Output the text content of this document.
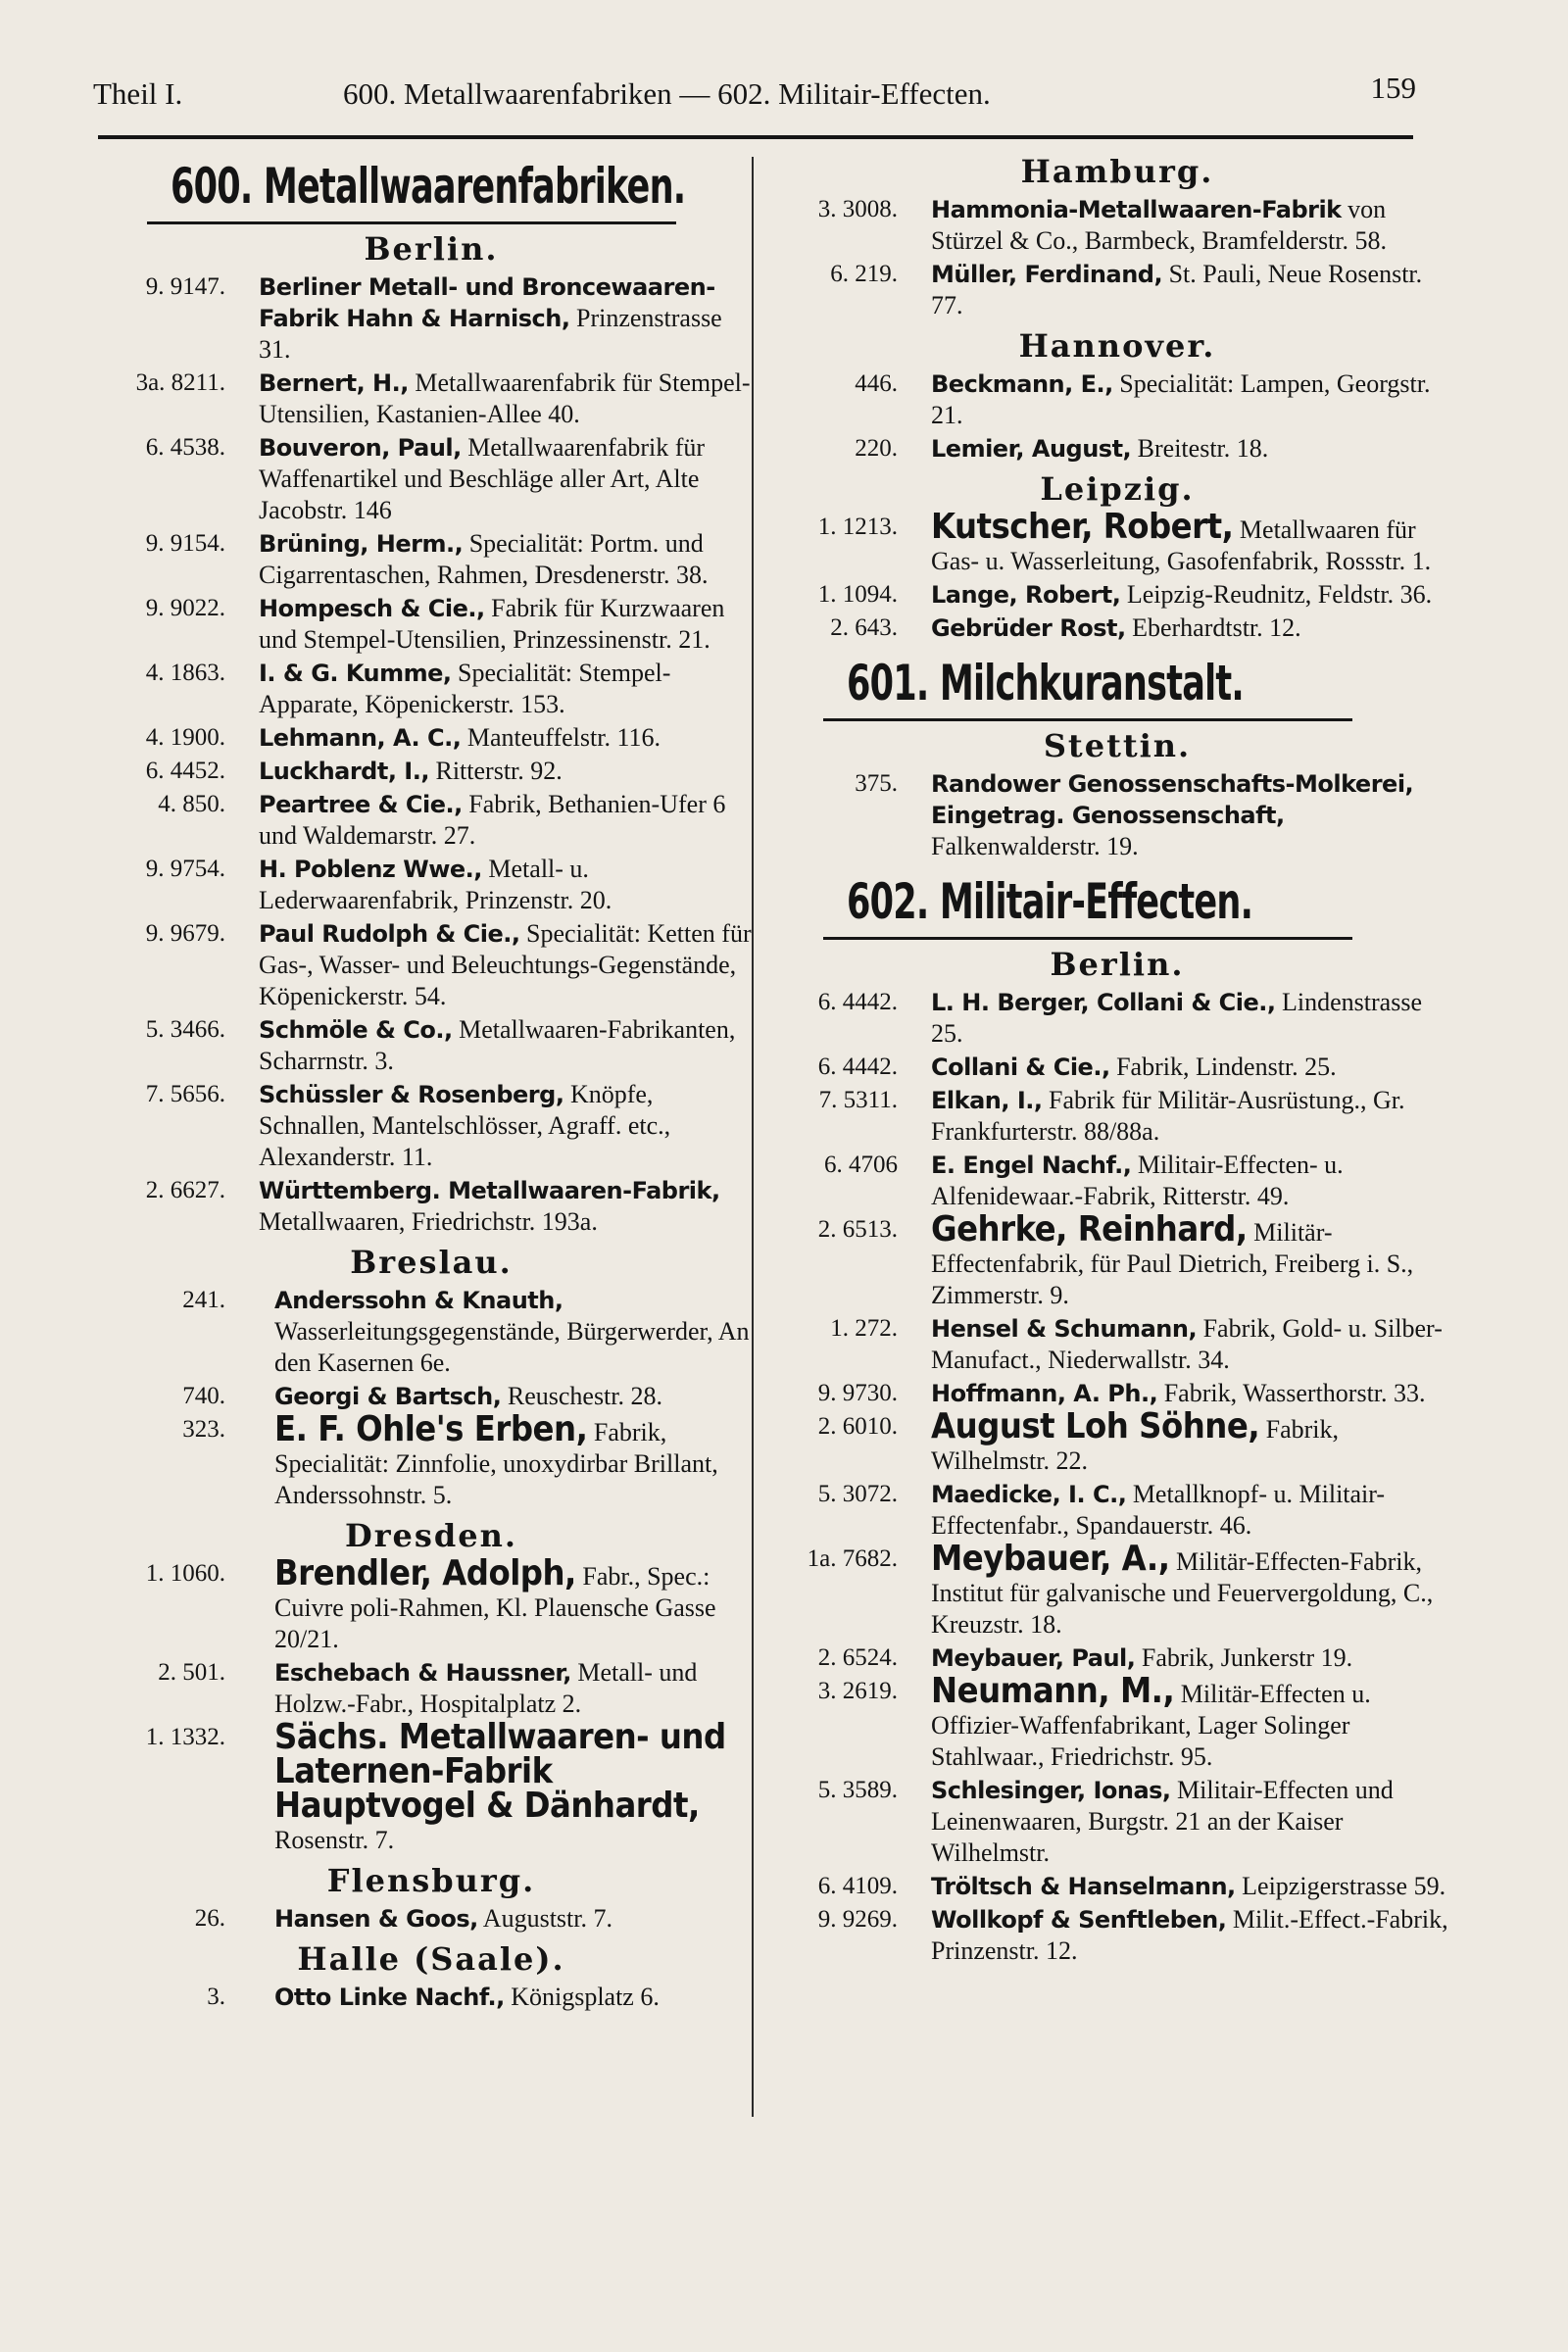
Theil I.	600. Metallwaarenfabriken — 602. Militair-Effecten.	159
600. Metallwaarenfabriken.
Berlin.
9. 9147. Berliner Metall- und Broncewaaren-Fabrik Hahn & Harnisch, Prinzenstrasse 31.
3a. 8211. Bernert, H., Metallwaarenfabrik für Stempel-Utensilien, Kastanien-Allee 40.
6. 4538. Bouveron, Paul, Metallwaarenfabrik für Waffenartikel und Beschläge aller Art, Alte Jacobstr. 146
9. 9154. Brüning, Herm., Specialität: Portm. und Cigarrentaschen, Rahmen, Dresdenerstr. 38.
9. 9022. Hompesch & Cie., Fabrik für Kurzwaaren und Stempel-Utensilien, Prinzessinenstr. 21.
4. 1863. I. & G. Kumme, Specialität: Stempel-Apparate, Köpenickerstr. 153.
4. 1900. Lehmann, A. C., Manteuffelstr. 116.
6. 4452. Luckhardt, I., Ritterstr. 92.
4. 850. Peartree & Cie., Fabrik, Bethanien-Ufer 6 und Waldemarstr. 27.
9. 9754. H. Poblenz Wwe., Metall- u. Lederwaarenfabrik, Prinzenstr. 20.
9. 9679. Paul Rudolph & Cie., Specialität: Ketten für Gas-, Wasser- und Beleuchtungs-Gegenstände, Köpenickerstr. 54.
5. 3466. Schmöle & Co., Metallwaaren-Fabrikanten, Scharrnstr. 3.
7. 5656. Schüssler & Rosenberg, Knöpfe, Schnallen, Mantelschlösser, Agraff. etc., Alexanderstr. 11.
2. 6627. Württemberg. Metallwaaren-Fabrik, Metallwaaren, Friedrichstr. 193a.
Breslau.
241. Anderssohn & Knauth, Wasserleitungsgegenstände, Bürgerwerder, An den Kasernen 6e.
740. Georgi & Bartsch, Reuschestr. 28.
323. E. F. Ohle's Erben, Fabrik, Specialität: Zinnfolie, unoxydirbar Brillant, Anderssohnstr. 5.
Dresden.
1. 1060. Brendler, Adolph, Fabr., Spec.: Cuivre poli-Rahmen, Kl. Plauensche Gasse 20/21.
2. 501. Eschebach & Haussner, Metall- und Holzw.-Fabr., Hospitalplatz 2.
1. 1332. Sächs. Metallwaaren- und Laternen-Fabrik Hauptvogel & Dänhardt, Rosenstr. 7.
Flensburg.
26. Hansen & Goos, Auguststr. 7.
Halle (Saale).
3. Otto Linke Nachf., Königsplatz 6.
Hamburg.
3. 3008. Hammonia-Metallwaaren-Fabrik von Stürzel & Co., Barmbeck, Bramfelderstr. 58.
6. 219. Müller, Ferdinand, St. Pauli, Neue Rosenstr. 77.
Hannover.
446. Beckmann, E., Specialität: Lampen, Georgstr. 21.
220. Lemier, August, Breitestr. 18.
Leipzig.
1. 1213. Kutscher, Robert, Metallwaaren für Gas- u. Wasserleitung, Gasofenfabrik, Rossstr. 1.
1. 1094. Lange, Robert, Leipzig-Reudnitz, Feldstr. 36.
2. 643. Gebrüder Rost, Eberhardtstr. 12.
601. Milchkuranstalt.
Stettin.
375. Randower Genossenschafts-Molkerei, Eingetrag. Genossenschaft, Falkenwalderstr. 19.
602. Militair-Effecten.
Berlin.
6. 4442. L. H. Berger, Collani & Cie., Lindenstrasse 25.
6. 4442. Collani & Cie., Fabrik, Lindenstr. 25.
7. 5311. Elkan, I., Fabrik für Militär-Ausrüstung., Gr. Frankfurterstr. 88/88a.
6. 4706 E. Engel Nachf., Militair-Effecten- u. Alfenidewaar.-Fabrik, Ritterstr. 49.
2. 6513. Gehrke, Reinhard, Militär-Effectenfabrik, für Paul Dietrich, Freiberg i. S., Zimmerstr. 9.
1. 272. Hensel & Schumann, Fabrik, Gold- u. Silber-Manufact., Niederwallstr. 34.
9. 9730. Hoffmann, A. Ph., Fabrik, Wasserthorstr. 33.
2. 6010. August Loh Söhne, Fabrik, Wilhelmstr. 22.
5. 3072. Maedicke, I. C., Metallknopf- u. Militair-Effectenfabr., Spandauerstr. 46.
1a. 7682. Meybauer, A., Militär-Effecten-Fabrik, Institut für galvanische und Feuervergoldung, C., Kreuzstr. 18.
2. 6524. Meybauer, Paul, Fabrik, Junkerstr 19.
3. 2619. Neumann, M., Militär-Effecten u. Offizier-Waffenfabrikant, Lager Solinger Stahlwaar., Friedrichstr. 95.
5. 3589. Schlesinger, Ionas, Militair-Effecten und Leinenwaaren, Burgstr. 21 an der Kaiser Wilhelmstr.
6. 4109. Tröltsch & Hanselmann, Leipzigerstrasse 59.
9. 9269. Wollkopf & Senftleben, Milit.-Effect.-Fabrik, Prinzenstr. 12.
